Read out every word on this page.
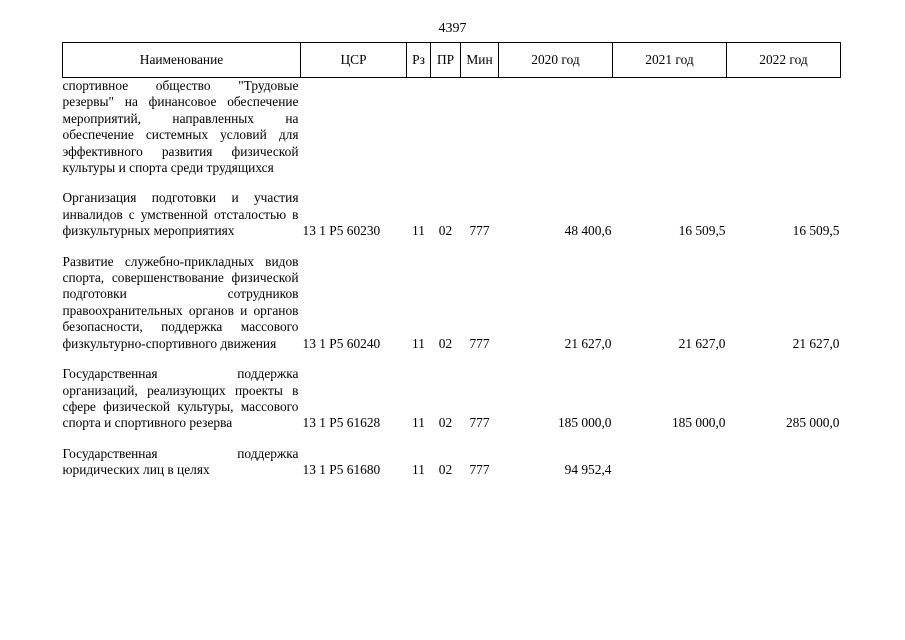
4397
Наименование	ЦСР	Рз	ПР	Мин	2020 год	2021 год	2022 год
спортивное общество "Трудовые резервы" на финансовое обеспечение мероприятий, направленных на обеспечение системных условий для эффективного развития физической культуры и спорта среди трудящихся							

Организация подготовки и участия инвалидов с умственной отсталостью в физкультурных мероприятиях	13 1 P5 60230	11	02	777	48 400,6	16 509,5	16 509,5

Развитие служебно-прикладных видов спорта, совершенствование физической подготовки сотрудников правоохранительных органов и органов безопасности, поддержка массового физкультурно-спортивного движения	13 1 P5 60240	11	02	777	21 627,0	21 627,0	21 627,0

Государственная поддержка организаций, реализующих проекты в сфере физической культуры, массового спорта и спортивного резерва	13 1 P5 61628	11	02	777	185 000,0	185 000,0	285 000,0

Государственная поддержка юридических лиц в целях	13 1 P5 61680	11	02	777	94 952,4		
